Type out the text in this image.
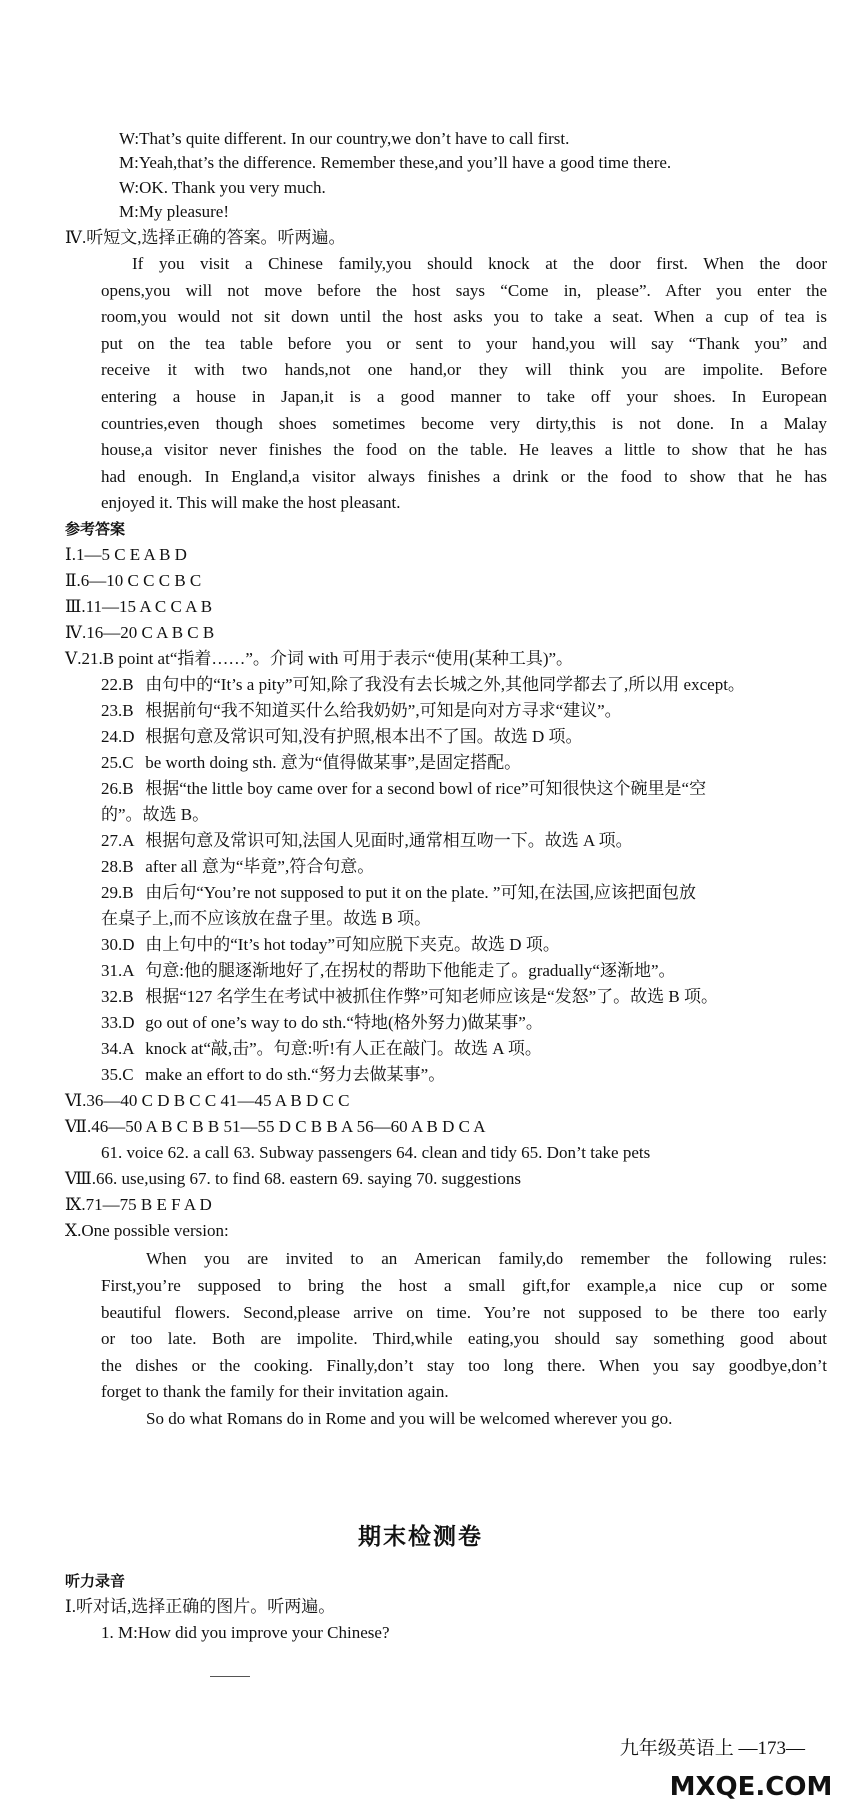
W:That’s quite different. In our country,we don’t have to call first.
M:Yeah,that’s the difference. Remember these,and you’ll have a good time there.
W:OK. Thank you very much.
M:My pleasure!
Ⅳ.听短文,选择正确的答案。听两遍。
If you visit a Chinese family,you should knock at the door first. When the door
opens,you will not move before the host says “Come in, please”. After you enter the
room,you would not sit down until the host asks you to take a seat. When a cup of tea is
put on the tea table before you or sent to your hand,you will say “Thank you” and
receive it with two hands,not one hand,or they will think you are impolite. Before
entering a house in Japan,it is a good manner to take off your shoes. In European
countries,even though shoes sometimes become very dirty,this is not done. In a Malay
house,a visitor never finishes the food on the table. He leaves a little to show that he has
had enough. In England,a visitor always finishes a drink or the food to show that he has
enjoyed it. This will make the host pleasant.
参考答案
Ⅰ.1—5 C E A B D
Ⅱ.6—10 C C C B C
Ⅲ.11—15 A C C A B
Ⅳ.16—20 C A B C B
Ⅴ.21.B point at“指着……”。介词 with 可用于表示“使用(某种工具)”。
22.B 由句中的“It’s a pity”可知,除了我没有去长城之外,其他同学都去了,所以用 except。
23.B 根据前句“我不知道买什么给我奶奶”,可知是向对方寻求“建议”。
24.D 根据句意及常识可知,没有护照,根本出不了国。故选 D 项。
25.C be worth doing sth. 意为“值得做某事”,是固定搭配。
26.B 根据“the little boy came over for a second bowl of rice”可知很快这个碗里是“空
的”。故选 B。
27.A 根据句意及常识可知,法国人见面时,通常相互吻一下。故选 A 项。
28.B after all 意为“毕竟”,符合句意。
29.B 由后句“You’re not supposed to put it on the plate. ”可知,在法国,应该把面包放
在桌子上,而不应该放在盘子里。故选 B 项。
30.D 由上句中的“It’s hot today”可知应脱下夹克。故选 D 项。
31.A 句意:他的腿逐渐地好了,在拐杖的帮助下他能走了。gradually“逐渐地”。
32.B 根据“127 名学生在考试中被抓住作弊”可知老师应该是“发怒”了。故选 B 项。
33.D go out of one’s way to do sth.“特地(格外努力)做某事”。
34.A knock at“敲,击”。句意:听!有人正在敲门。故选 A 项。
35.C make an effort to do sth.“努力去做某事”。
Ⅵ.36—40 C D B C C 41—45 A B D C C
Ⅶ.46—50 A B C B B 51—55 D C B B A 56—60 A B D C A
61. voice 62. a call 63. Subway passengers 64. clean and tidy 65. Don’t take pets
Ⅷ.66. use,using 67. to find 68. eastern 69. saying 70. suggestions
Ⅸ.71—75 B E F A D
Ⅹ.One possible version:
When you are invited to an American family,do remember the following rules:
First,you’re supposed to bring the host a small gift,for example,a nice cup or some
beautiful flowers. Second,please arrive on time. You’re not supposed to be there too early
or too late. Both are impolite. Third,while eating,you should say something good about
the dishes or the cooking. Finally,don’t stay too long there. When you say goodbye,don’t
forget to thank the family for their invitation again.
So do what Romans do in Rome and you will be welcomed wherever you go.
期末检测卷
听力录音
Ⅰ.听对话,选择正确的图片。听两遍。
1. M:How did you improve your Chinese?
九年级英语上 —173—
MXQE.COM
